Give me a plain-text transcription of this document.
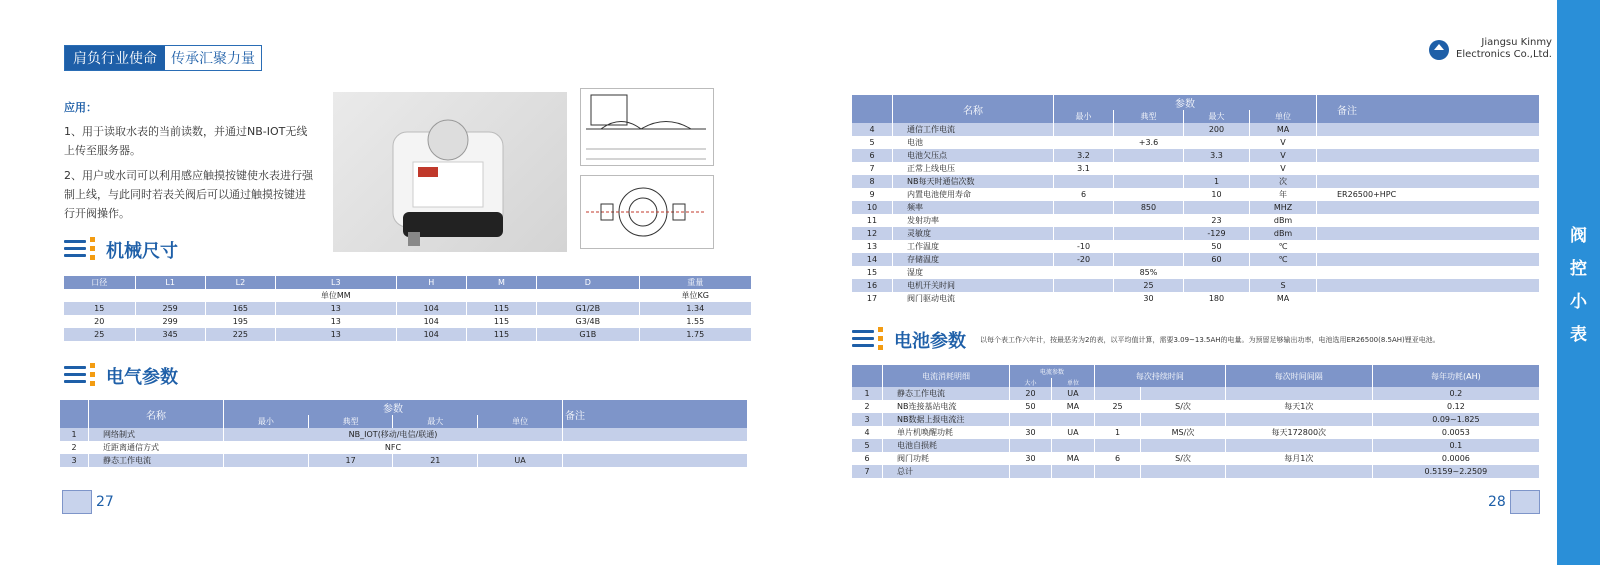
肩负行业使命	传承汇聚力量
应用：

1、用于读取水表的当前读数，并通过NB-IOT无线上传至服务器。

2、用户或水司可以利用感应触摸按键使水表进行强制上线，与此同时若表关阀后可以通过触摸按键进行开阀操作。

机械尺寸
口径	L1	L2	L3	H	M	D	重量
			单位MM				单位KG
15	259	165	13	104	115	G1/2B	1.34
20	299	195	13	104	115	G3/4B	1.55
25	345	225	13	104	115	G1B	1.75
电气参数
	名称	参数				备注
		最小	典型	最大	单位	
1	网络制式	NB_IOT(移动/电信/联通)				
2	近距离通信方式	NFC				
3	静态工作电流		17	21	UA	
27
Jiangsu Kinmy
Electronics Co.,Ltd.
	名称	参数				备注
		最小	典型	最大	单位	
4	通信工作电流			200	MA	
5	电池		+3.6		V	
6	电池欠压点	3.2		3.3	V	
7	正常上线电压	3.1			V	
8	NB每天时通信次数			1	次	
9	内置电池使用寿命	6		10	年	ER26500+HPC
10	频率		850		MHZ	
11	发射功率			23	dBm	
12	灵敏度			-129	dBm	
13	工作温度	-10		50	℃	
14	存储温度	-20		60	℃	
15	湿度		85%			
16	电机开关时间		25		S	
17	阀门驱动电流		30	180	MA	
电池参数 以每个表工作六年计，按最恶劣为2的表，以平均值计算，需要3.09~13.5AH的电量。为预留足够输出功率，电池选用ER26500(8.5AH)锂亚电池。
	电流消耗明细	电流参数		每次持续时间		每次时间间隔	每年功耗(AH)
		大小	单位				
1	静态工作电流	20	UA				0.2
2	NB连接基站电流	50	MA	25	S/次	每天1次	0.12
3	NB数据上报电流注						0.09~1.825
4	单片机唤醒功耗	30	UA	1	MS/次	每天172800次	0.0053
5	电池自损耗						0.1
6	阀门功耗	30	MA	6	S/次	每月1次	0.0006
7	总计						0.5159~2.2509
28
阀
控
小
表
